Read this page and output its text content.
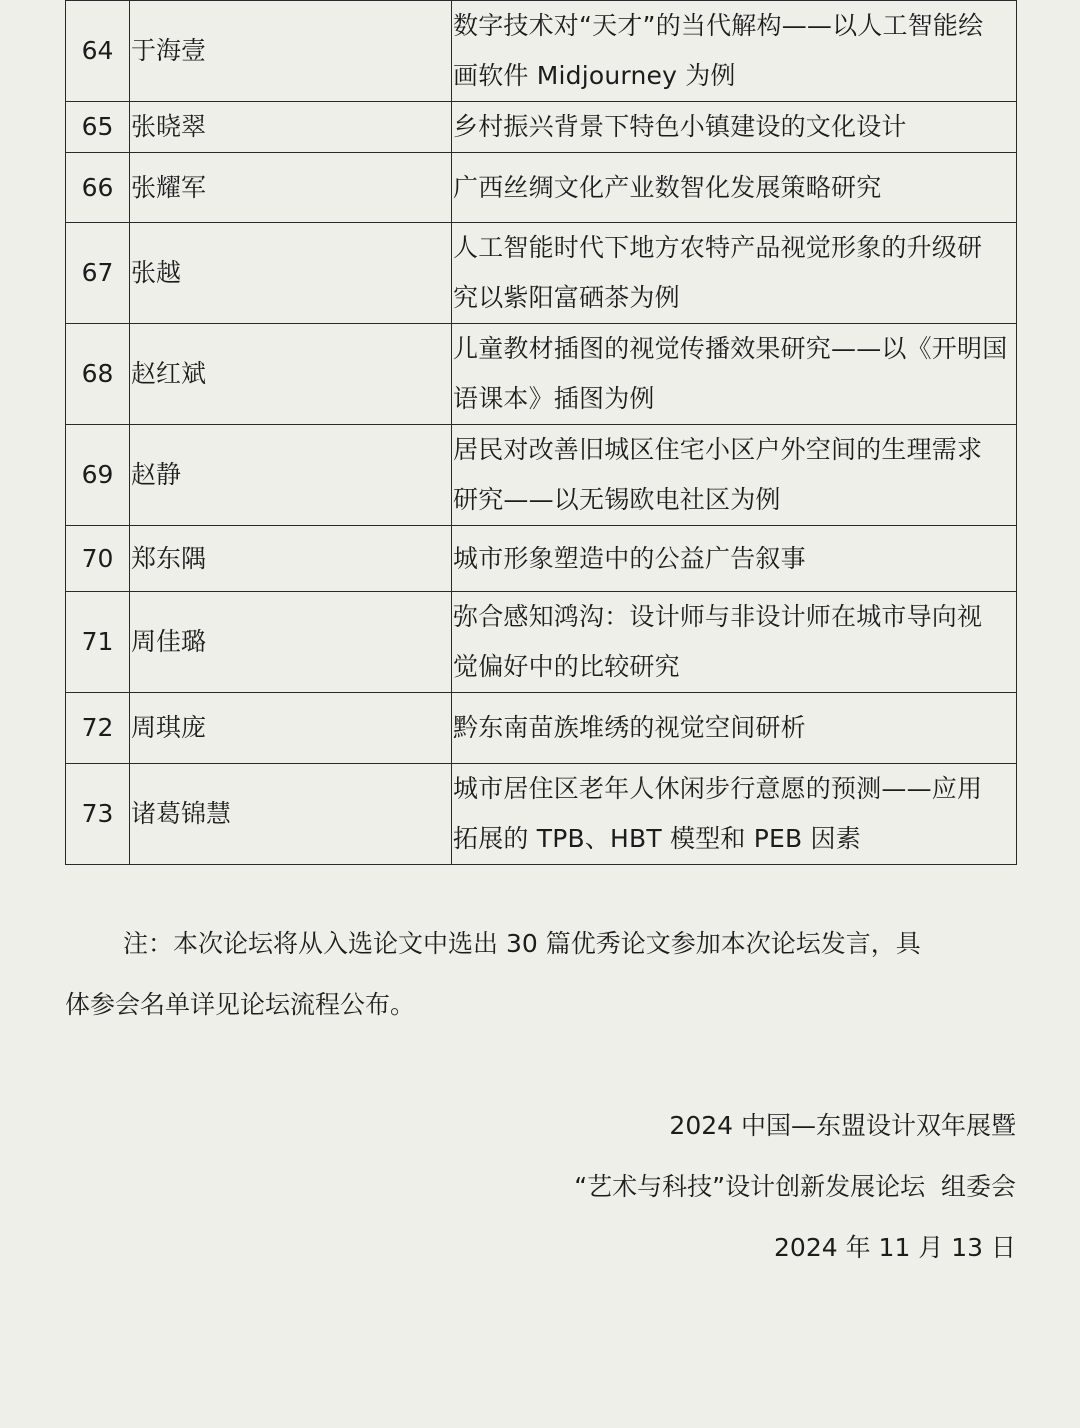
64	于海壹	数字技术对“天才”的当代解构——以人工智能绘
画软件 Midjourney 为例

65	张晓翠	乡村振兴背景下特色小镇建设的文化设计

66	张耀军	广西丝绸文化产业数智化发展策略研究

67	张越	人工智能时代下地方农特产品视觉形象的升级研
究以紫阳富硒茶为例

68	赵红斌	儿童教材插图的视觉传播效果研究——以《开明国
语课本》插图为例

69	赵静	居民对改善旧城区住宅小区户外空间的生理需求
研究——以无锡欧电社区为例

70	郑东隅	城市形象塑造中的公益广告叙事

71	周佳璐	弥合感知鸿沟：设计师与非设计师在城市导向视
觉偏好中的比较研究

72	周琪庞	黔东南苗族堆绣的视觉空间研析

73	诸葛锦慧	城市居住区老年人休闲步行意愿的预测——应用
拓展的 TPB、HBT 模型和 PEB 因素
注：本次论坛将从入选论文中选出 30 篇优秀论文参加本次论坛发言，具
体参会名单详见论坛流程公布。
2024 中国—东盟设计双年展暨
“艺术与科技”设计创新发展论坛  组委会
2024 年 11 月 13 日
